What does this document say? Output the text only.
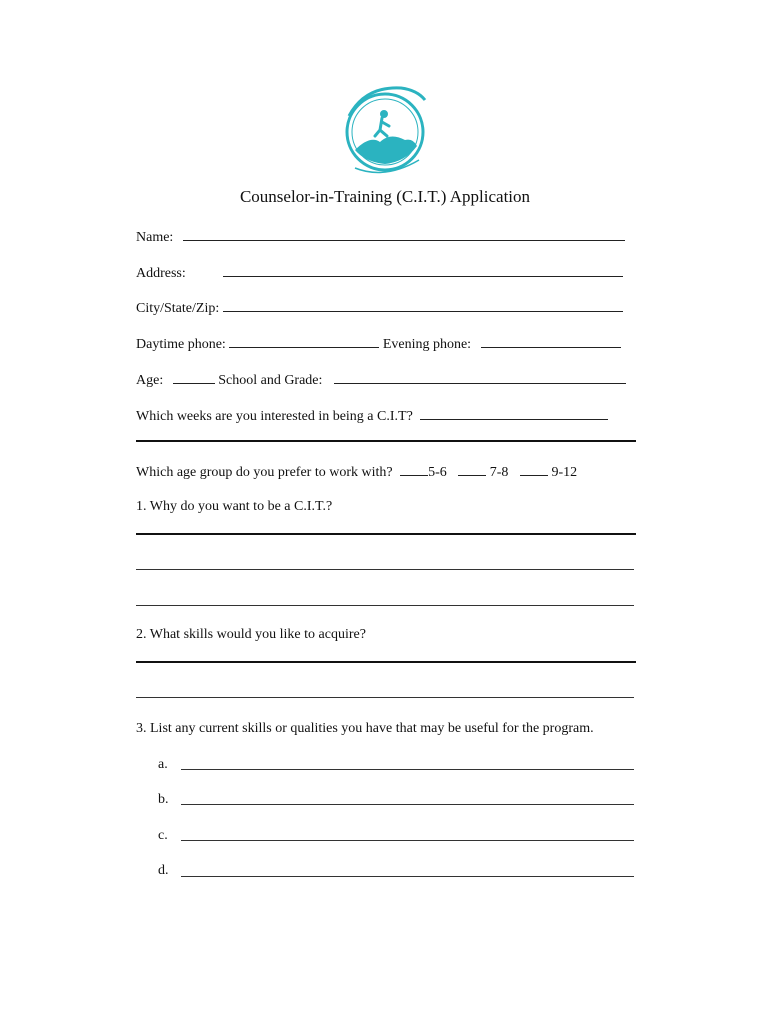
Counselor-in-Training (C.I.T.) Application
Name:
Address:
City/State/Zip:
Daytime phone:	Evening phone:
Age:	School and Grade:
Which weeks are you interested in being a C.I.T?
Which age group do you prefer to work with?	5-6	7-8	9-12
1. Why do you want to be a C.I.T.?
2. What skills would you like to acquire?
3. List any current skills or qualities you have that may be useful for the program.
a.
b.
c.
d.
